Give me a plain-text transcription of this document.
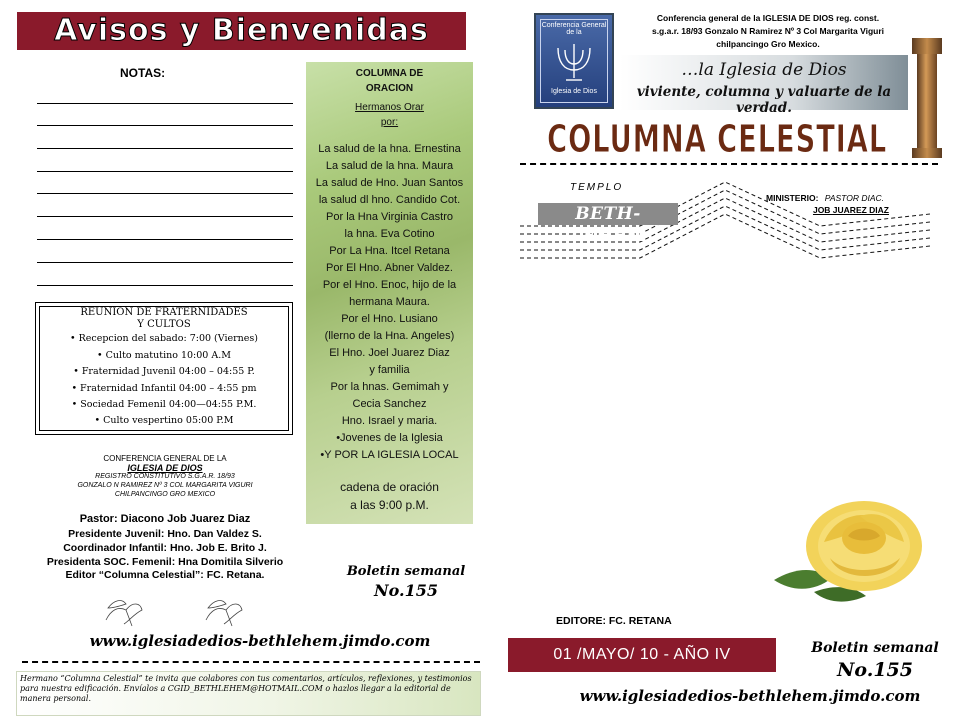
Avisos y Bienvenidas
NOTAS:
REUNION DE FRATERNIDADES
Y CULTOS
• Recepcion del sabado: 7:00 (Viernes)
• Culto matutino 10:00 A.M
• Fraternidad Juvenil 04:00 – 04:55 P.
• Fraternidad Infantil 04:00 – 4:55 pm
• Sociedad Femenil 04:00—04:55 P.M.
• Culto vespertino 05:00 P.M
CONFERENCIA GENERAL DE LA
IGLESIA DE DIOS
REGISTRO CONSTITUTIVO S.G.A.R. 18/93
GONZALO N RAMIREZ Nº 3 COL MARGARITA VIGURI
CHILPANCINGO GRO MEXICO
Pastor: Diacono Job Juarez Diaz
Presidente Juvenil: Hno. Dan Valdez S.
Coordinador Infantil: Hno. Job E. Brito J.
Presidenta SOC. Femenil: Hna Domitila Silverio
Editor “Columna Celestial”: FC. Retana.
COLUMNA DE
ORACION
Hermanos Orar
por:
La salud de la hna. Ernestina
La salud de la hna. Maura
La salud de Hno. Juan Santos
la salud dl hno. Candido Cot.
Por la Hna Virginia Castro
la hna. Eva Cotino
Por La Hna. Itcel Retana
Por El Hno. Abner Valdez.
Por el Hno. Enoc, hijo de la
hermana Maura.
Por el Hno. Lusiano
(llerno de la Hna. Angeles)
El Hno. Joel Juarez Diaz
y familia
Por la hnas. Gemimah y
Cecia Sanchez
Hno. Israel y maria.
•Jovenes de la Iglesia
•Y POR LA IGLESIA LOCAL
cadena de oración
a las 9:00 p.M.
Boletin semanal
No.155
www.iglesiadedios-bethlehem.jimdo.com
Hermano “Columna Celestial” te invita que colabores con tus comentarios, artículos, reflexiones, y testimonios para nuestra edificación. Envíalos a CGID_BETHLEHEM@HOTMAIL.COM o hazlos llegar a la editorial de manera personal.
Conferencia General de la
Iglesia de Dios
Conferencia general de la IGLESIA DE DIOS reg. const.
s.g.a.r. 18/93 Gonzalo N Ramirez Nº 3 Col Margarita Viguri
chilpancingo Gro Mexico.
…la Iglesia de Dios
viviente, columna y valuarte de la verdad.
COLUMNA CELESTIAL
TEMPLO
BETH-LEHEM
MINISTERIO: PASTOR DIAC.
JOB JUAREZ DIAZ
EDITORE: FC. RETANA
01 /MAYO/ 10 - AÑO IV	Boletin semanal
No.155
www.iglesiadedios-bethlehem.jimdo.com
